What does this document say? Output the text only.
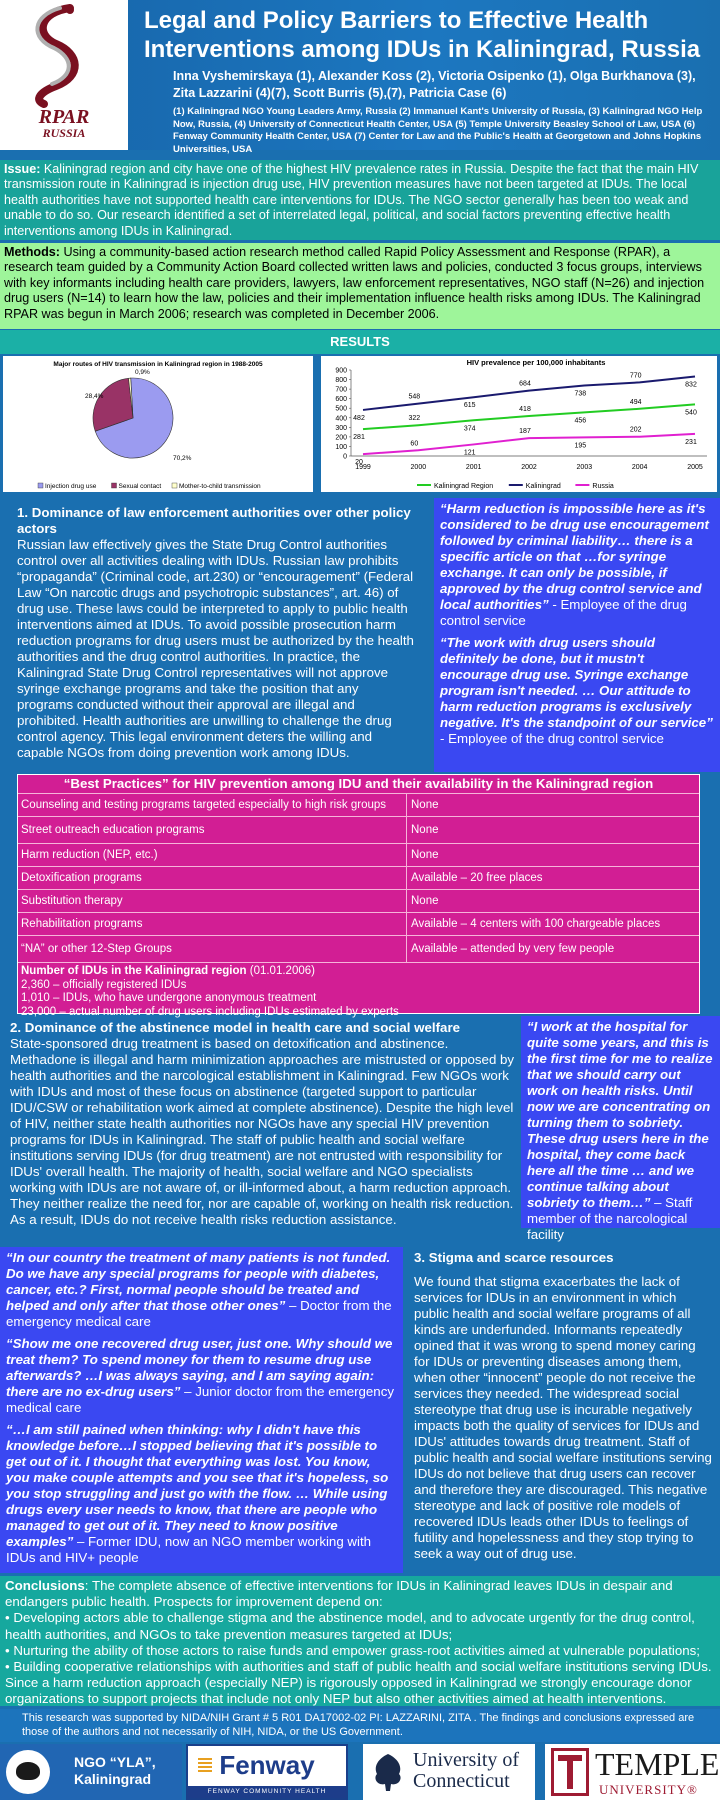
RPAR
RUSSIA
Legal and Policy Barriers to Effective Health Interventions among IDUs in Kaliningrad, Russia
Inna Vyshemirskaya (1), Alexander Koss (2), Victoria Osipenko (1), Olga Burkhanova (3), Zita Lazzarini (4)(7), Scott Burris (5),(7), Patricia Case (6)
(1) Kaliningrad NGO Young Leaders Army, Russia (2) Immanuel Kant's University of Russia, (3) Kaliningrad NGO Help Now, Russia, (4) University of Connecticut Health Center, USA (5) Temple University Beasley School of Law, USA (6) Fenway Community Health Center, USA (7) Center for Law and the Public's Health at Georgetown and Johns Hopkins Universities, USA
Issue: Kaliningrad region and city have one of the highest HIV prevalence rates in Russia. Despite the fact that the main HIV transmission route in Kaliningrad is injection drug use, HIV prevention measures have not been targeted at IDUs. The local health authorities have not supported health care interventions for IDUs. The NGO sector generally has been too weak and unable to do so. Our research identified a set of interrelated legal, political, and social factors preventing effective health interventions among IDUs in Kaliningrad.
Methods: Using a community-based action research method called Rapid Policy Assessment and Response (RPAR), a research team guided by a Community Action Board collected written laws and policies, conducted 3 focus groups, interviews with key informants including health care providers, lawyers, law enforcement representatives, NGO staff (N=26) and injection drug users (N=14) to learn how the law, policies and their implementation influence health risks among IDUs. The Kaliningrad RPAR was begun in March 2006; research was completed in December 2006.
RESULTS
Major routes of HIV transmission in Kaliningrad region in 1988-2005
70,2%
28,4%
0,9%
Injection drug use	Sexual contact	Mother-to-child transmission
HIV prevalence per 100,000 inhabitants
0
100
200
300
400
500
600
700
800
900
1999	2000	2001	2002	2003	2004	2005
281
322
374
418
456
494
540
482
548
615
684
738
770
832
20
60
121
187
195
202
231
Kaliningrad Region	Kaliningrad	Russia
1. Dominance of law enforcement authorities over other policy actors
Russian law effectively gives the State Drug Control authorities control over all activities dealing with IDUs. Russian law prohibits “propaganda” (Criminal code, art.230) or “encouragement” (Federal Law “On narcotic drugs and psychotropic substances”, art. 46) of drug use. These laws could be interpreted to apply to public health interventions aimed at IDUs. To avoid possible prosecution harm reduction programs for drug users must be authorized by the health authorities and the drug control authorities. In practice, the Kaliningrad State Drug Control representatives will not approve syringe exchange programs and take the position that any programs conducted without their approval are illegal and prohibited. Health authorities are unwilling to challenge the drug control agency. This legal environment deters the willing and capable NGOs from doing prevention work among IDUs.
“Harm reduction is impossible here as it's considered to be drug use encouragement followed by criminal liability… there is a specific article on that …for syringe exchange. It can only be possible, if approved by the drug control service and local authorities” - Employee of the drug control service
“The work with drug users should definitely be done, but it mustn't encourage drug use. Syringe exchange program isn't needed. … Our attitude to harm reduction programs is exclusively negative. It's the standpoint of our service” - Employee of the drug control service
“Best Practices” for HIV prevention among IDU and their availability in the Kaliningrad region
Counseling and testing programs targeted especially to high risk groups	None
Street outreach education programs	None
Harm reduction (NEP, etc.)	None
Detoxification programs	Available – 20 free places
Substitution therapy	None
Rehabilitation programs	Available – 4 centers with 100 chargeable places
“NA” or other 12-Step Groups	Available – attended by very few people
Number of IDUs in the Kaliningrad region (01.01.2006)
2,360 – officially registered IDUs
1,010 – IDUs, who have undergone anonymous treatment
23,000 – actual number of drug users including IDUs estimated by experts
2. Dominance of the abstinence model in health care and social welfare
State-sponsored drug treatment is based on detoxification and abstinence. Methadone is illegal and harm minimization approaches are mistrusted or opposed by health authorities and the narcological establishment in Kaliningrad. Few NGOs work with IDUs and most of these focus on abstinence (targeted support to particular IDU/CSW or rehabilitation work aimed at complete abstinence). Despite the high level of HIV, neither state health authorities nor NGOs have any special HIV prevention programs for IDUs in Kaliningrad. The staff of public health and social welfare institutions serving IDUs (for drug treatment) are not entrusted with responsibility for IDUs' overall health. The majority of health, social welfare and NGO specialists working with IDUs are not aware of, or ill-informed about, a harm reduction approach. They neither realize the need for, nor are capable of, working on health risk reduction. As a result, IDUs do not receive health risks reduction assistance.
“I work at the hospital for quite some years, and this is the first time for me to realize that we should carry out work on health risks. Until now we are concentrating on turning them to sobriety. These drug users here in the hospital, they come back here all the time … and we continue talking about sobriety to them…” – Staff member of the narcological facility
“In our country the treatment of many patients is not funded. Do we have any special programs for people with diabetes, cancer, etc.? First, normal people should be treated and helped and only after that those other ones” – Doctor from the emergency medical care
“Show me one recovered drug user, just one. Why should we treat them? To spend money for them to resume drug use afterwards? …I was always saying, and I am saying again: there are no ex-drug users” – Junior doctor from the emergency medical care
“…I am still pained when thinking: why I didn't have this knowledge before…I stopped believing that it's possible to get out of it. I thought that everything was lost. You know, you make couple attempts and you see that it's hopeless, so you stop struggling and just go with the flow. … While using drugs every user needs to know, that there are people who managed to get out of it. They need to know positive examples” – Former IDU, now an NGO member working with IDUs and HIV+ people
3. Stigma and scarce resources
We found that stigma exacerbates the lack of services for IDUs in an environment in which public health and social welfare programs of all kinds are underfunded. Informants repeatedly opined that it was wrong to spend money caring for IDUs or preventing diseases among them, when other “innocent” people do not receive the services they needed. The widespread social stereotype that drug use is incurable negatively impacts both the quality of services for IDUs and IDUs' attitudes towards drug treatment. Staff of public health and social welfare institutions serving IDUs do not believe that drug users can recover and therefore they are discouraged. This negative stereotype and lack of positive role models of recovered IDUs leads other IDUs to feelings of futility and hopelessness and they stop trying to seek a way out of drug use.
Conclusions: The complete absence of effective interventions for IDUs in Kaliningrad leaves IDUs in despair and endangers public health. Prospects for improvement depend on:
• Developing actors able to challenge stigma and the abstinence model, and to advocate urgently for the drug control, health authorities, and NGOs to take prevention measures targeted at IDUs;
• Nurturing the ability of those actors to raise funds and empower grass-root activities aimed at vulnerable populations;
• Building cooperative relationships with authorities and staff of public health and social welfare institutions serving IDUs.
Since a harm reduction approach (especially NEP) is rigorously opposed in Kaliningrad we strongly encourage donor organizations to support projects that include not only NEP but also other activities aimed at health interventions.
This research was supported by NIDA/NIH Grant # 5 R01 DA17002-02 PI: LAZZARINI, ZITA . The findings and conclusions expressed are those of the authors and not necessarily of NIH, NIDA, or the US Government.
NGO “YLA”,
Kaliningrad	Fenway
FENWAY COMMUNITY HEALTH
University of
Connecticut	TEMPLE
UNIVERSITY®
